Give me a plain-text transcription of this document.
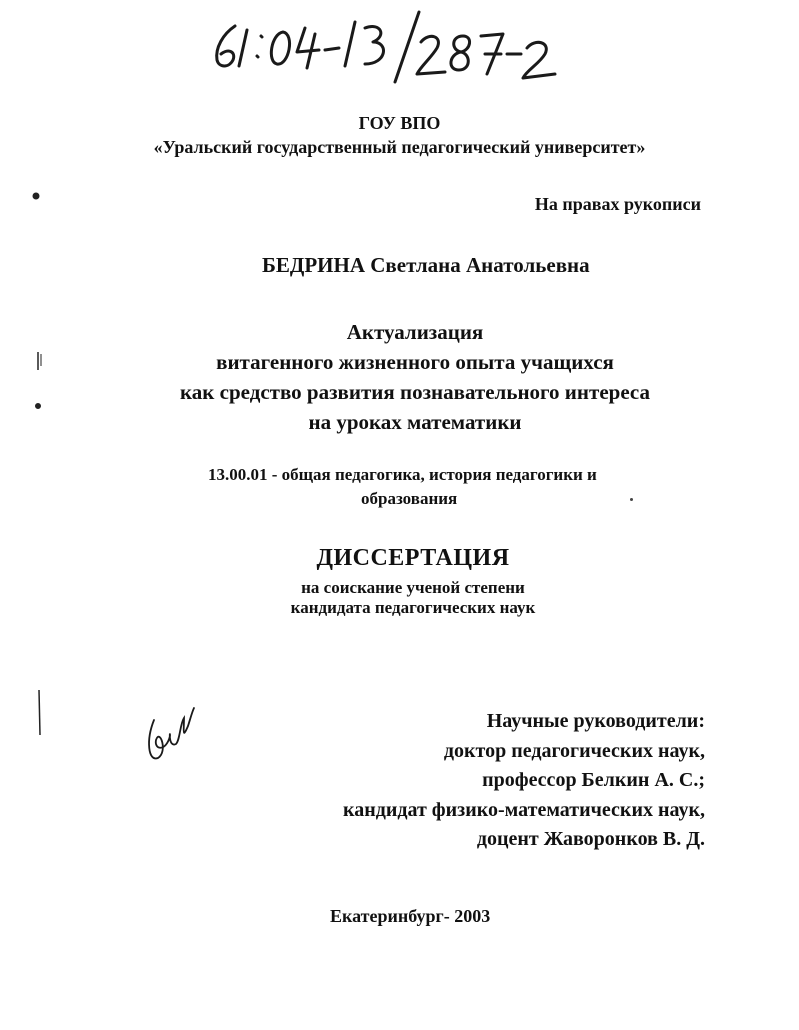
61:04-13/287-2
ГОУ ВПО
«Уральский государственный педагогический университет»
На правах рукописи
БЕДРИНА Светлана Анатольевна
Актуализация
витагенного жизненного опыта учащихся
как средство развития познавательного интереса
на уроках математики
13.00.01 - общая педагогика, история педагогики и
образования
ДИССЕРТАЦИЯ
на соискание ученой степени
кандидата педагогических наук
Научные руководители:
доктор педагогических наук,
профессор Белкин А. С.;
кандидат физико-математических наук,
доцент Жаворонков В. Д.
Екатеринбург- 2003
